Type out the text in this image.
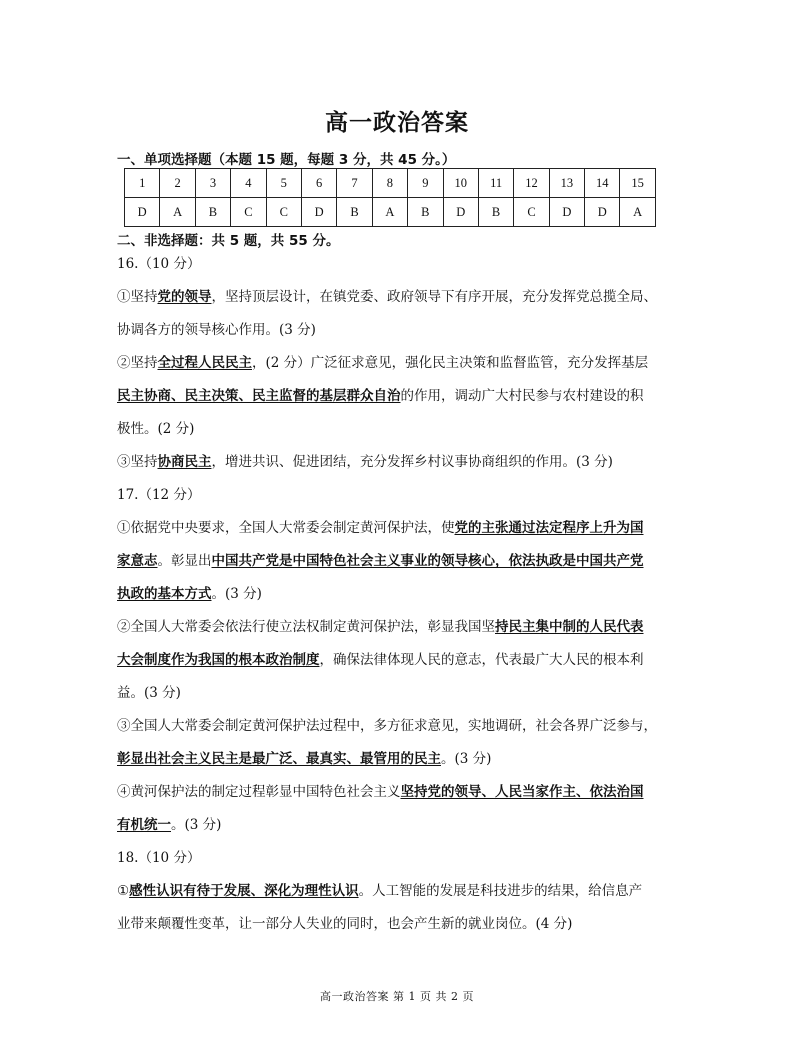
高一政治答案
一、单项选择题（本题 15 题，每题 3 分，共 45 分。）
1	2	3	4	5	6	7	8	9	10	11	12	13	14	15
D	A	B	C	C	D	B	A	B	D	B	C	D	D	A
二、非选择题：共 5 题，共 55 分。
16.（10 分）
①坚持党的领导，坚持顶层设计，在镇党委、政府领导下有序开展，充分发挥党总揽全局、
协调各方的领导核心作用。(3 分)
②坚持全过程人民民主，(2 分）广泛征求意见，强化民主决策和监督监管，充分发挥基层
民主协商、民主决策、民主监督的基层群众自治的作用，调动广大村民参与农村建设的积
极性。(2 分)
③坚持协商民主，增进共识、促进团结，充分发挥乡村议事协商组织的作用。(3 分)
17.（12 分）
①依据党中央要求，全国人大常委会制定黄河保护法，使党的主张通过法定程序上升为国
家意志。彰显出中国共产党是中国特色社会主义事业的领导核心，依法执政是中国共产党
执政的基本方式。(3 分)
②全国人大常委会依法行使立法权制定黄河保护法，彰显我国坚持民主集中制的人民代表
大会制度作为我国的根本政治制度，确保法律体现人民的意志，代表最广大人民的根本利
益。(3 分)
③全国人大常委会制定黄河保护法过程中，多方征求意见，实地调研，社会各界广泛参与，
彰显出社会主义民主是最广泛、最真实、最管用的民主。(3 分)
④黄河保护法的制定过程彰显中国特色社会主义坚持党的领导、人民当家作主、依法治国
有机统一。(3 分)
18.（10 分）
①感性认识有待于发展、深化为理性认识。人工智能的发展是科技进步的结果，给信息产
业带来颠覆性变革，让一部分人失业的同时，也会产生新的就业岗位。(4 分)
高一政治答案 第 1 页 共 2 页
